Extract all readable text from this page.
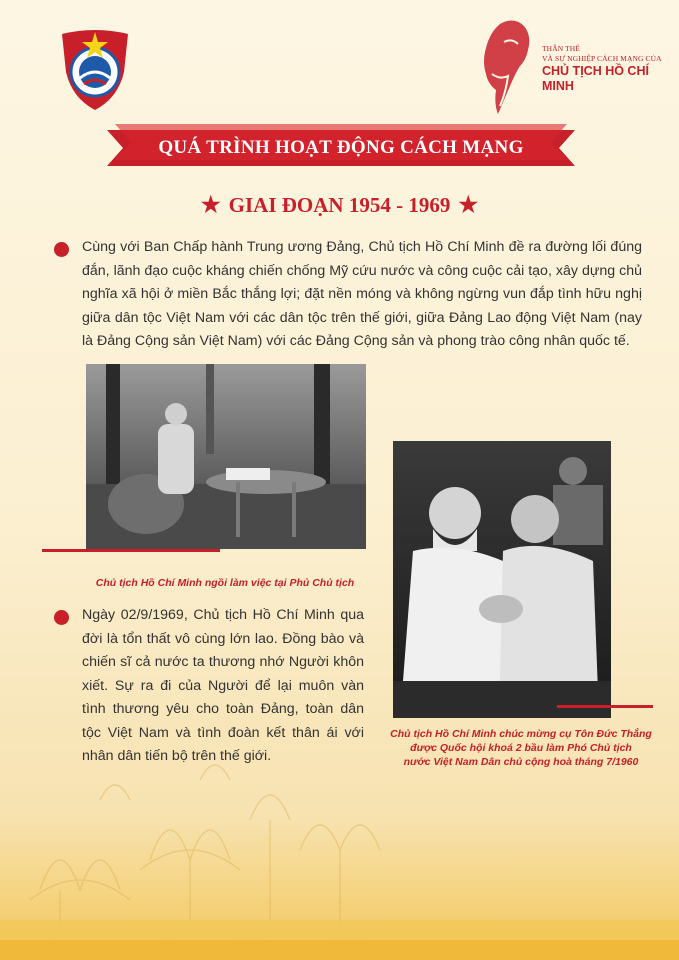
THÂN THẾ
VÀ SỰ NGHIỆP CÁCH MẠNG CỦA
CHỦ TỊCH HỒ CHÍ MINH
QUÁ TRÌNH HOẠT ĐỘNG CÁCH MẠNG
★ GIAI ĐOẠN 1954 - 1969 ★
Cùng với Ban Chấp hành Trung ương Đảng, Chủ tịch Hồ Chí Minh đề ra đường lối đúng đắn, lãnh đạo cuộc kháng chiến chống Mỹ cứu nước và công cuộc cải tạo, xây dựng chủ nghĩa xã hội ở miền Bắc thắng lợi; đặt nền móng và không ngừng vun đắp tình hữu nghị giữa dân tộc Việt Nam với các dân tộc trên thế giới, giữa Đảng Lao động Việt Nam (nay là Đảng Cộng sản Việt Nam) với các Đảng Cộng sản và phong trào công nhân quốc tế.
Chủ tịch Hồ Chí Minh ngồi làm việc tại Phủ Chủ tịch
Chủ tịch Hồ Chí Minh chúc mừng cụ Tôn Đức Thắng
được Quốc hội khoá 2 bầu làm Phó Chủ tịch
nước Việt Nam Dân chủ cộng hoà tháng 7/1960
Ngày 02/9/1969, Chủ tịch Hồ Chí Minh qua đời là tổn thất vô cùng lớn lao. Đồng bào và chiến sĩ cả nước ta thương nhớ Người khôn xiết. Sự ra đi của Người để lại muôn vàn tình thương yêu cho toàn Đảng, toàn dân tộc Việt Nam và tình đoàn kết thân ái với nhân dân tiến bộ trên thế giới.
